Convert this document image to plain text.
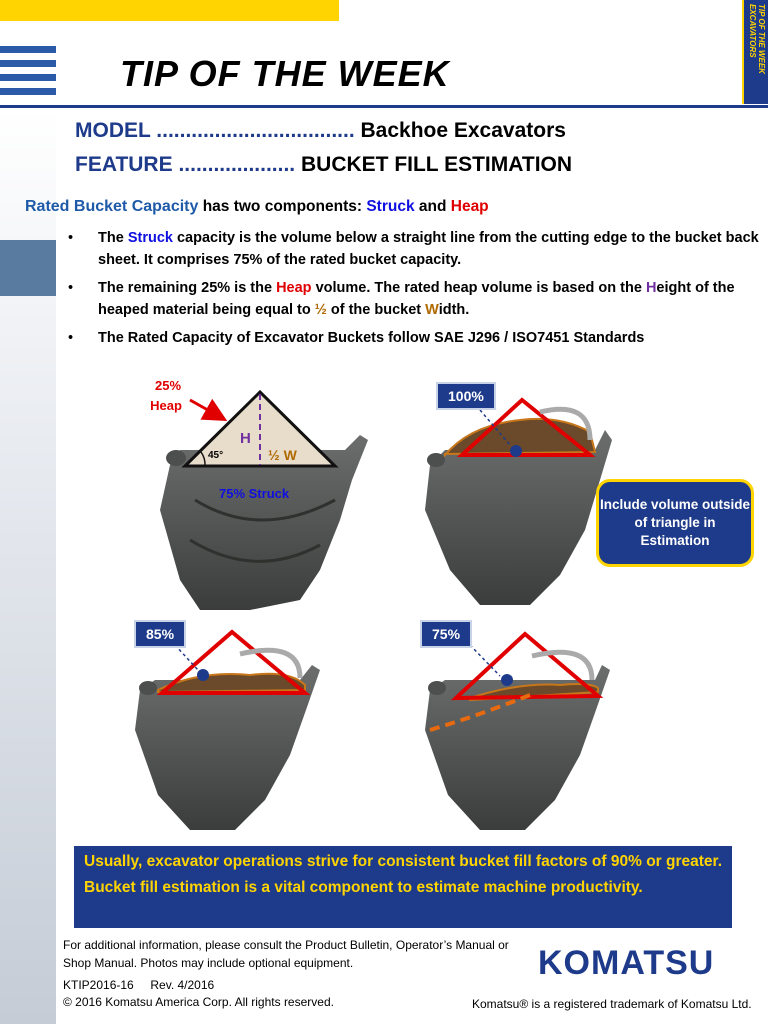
TIP OF THE WEEK
EXCAVATORS
TIP OF THE WEEK
MODEL .................................. Backhoe Excavators
FEATURE .................... BUCKET FILL ESTIMATION
Rated Bucket Capacity has two components: Struck and Heap
• The Struck capacity is the volume below a straight line from the cutting edge to the bucket back sheet. It comprises 75% of the rated bucket capacity.
• The remaining 25% is the Heap volume. The rated heap volume is based on the Height of the heaped material being equal to ½ of the bucket Width.
• The Rated Capacity of Excavator Buckets follow SAE J296 / ISO7451 Standards
25%
Heap
H
45°	½ W
75% Struck
100%
85%	75%
Include volume outside of triangle in Estimation

Usually, excavator operations strive for consistent bucket fill factors of 90% or greater.

Bucket fill estimation is a vital component to estimate machine productivity.

For additional information, please consult the Product Bulletin, Operator’s Manual or Shop Manual. Photos may include optional equipment.
KTIP2016-16     Rev. 4/2016
© 2016 Komatsu America Corp. All rights reserved.
KOMATSU
Komatsu® is a registered trademark of Komatsu Ltd.
